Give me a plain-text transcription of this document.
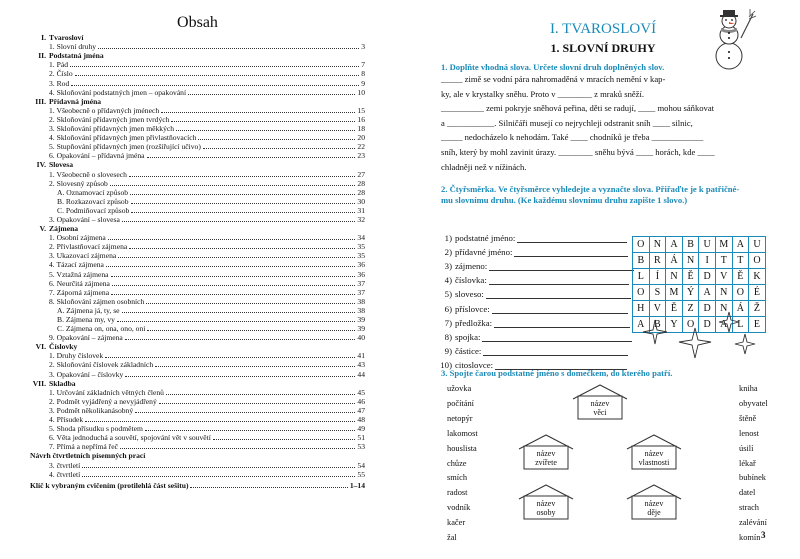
Obsah
I. Tvarosloví
1. Slovní druhy	3
II. Podstatná jména
1. Pád	7
2. Číslo	8
3. Rod	9
4. Skloňování podstatných jmen – opakování	10
III. Přídavná jména
1. Všeobecně o přídavných jménech	15
2. Skloňování přídavných jmen tvrdých	16
3. Skloňování přídavných jmen měkkých	18
4. Skloňování přídavných jmen přivlastňovacích	20
5. Stupňování přídavných jmen (rozšiřující učivo)	22
6. Opakování – přídavná jména	23
IV. Slovesa
1. Všeobecně o slovesech	27
2. Slovesný způsob	28
A. Oznamovací způsob	28
B. Rozkazovací způsob	30
C. Podmiňovací způsob	31
3. Opakování – slovesa	32
V. Zájmena
1. Osobní zájmena	34
2. Přivlastňovací zájmena	35
3. Ukazovací zájmena	35
4. Tázací zájmena	36
5. Vztažná zájmena	36
6. Neurčitá zájmena	37
7. Záporná zájmena	37
8. Skloňování zájmen osobních	38
A. Zájmena já, ty, se	38
B. Zájmena my, vy	39
C. Zájmena on, ona, ono, oni	39
9. Opakování – zájmena	40
VI. Číslovky
1. Druhy číslovek	41
2. Skloňování číslovek základních	43
3. Opakování – číslovky	44
VII. Skladba
1. Určování základních větných členů	45
2. Podmět vyjádřený a nevyjádřený	46
3. Podmět několikanásobný	47
4. Přísudek	48
5. Shoda přísudku s podmětem	49
6. Věta jednoduchá a souvětí, spojování vět v souvětí	51
7. Přímá a nepřímá řeč	53
Návrh čtvrtletních písemných prací
3. čtvrtletí	54
4. čtvrtletí	55
Klíč k vybraným cvičením (protilehlá část sešitu)	1–14
I. TVAROSLOVÍ
1. SLOVNÍ DRUHY
1. Doplňte vhodná slova. Určete slovní druh doplněných slov.
_____ zimě se vodní pára nahromaděná v mracích nemění v kap-
ky, ale v krystalky sněhu. Proto v ________ z mraků sněží.
__________ zemi pokryje sněhová peřina, děti se radují, ____ mohou sáňkovat
a ___________. Silničáři musejí co nejrychleji odstranit sníh ____ silnic,
_____ nedocházelo k nehodám. Také ____ chodníků je třeba ____________
sníh, který by mohl zavinit úrazy. ________ sněhu bývá ____ horách, kde ____
chladněji než v nížinách.
2. Čtyřsměrka. Ve čtyřsměrce vyhledejte a vyznačte slova. Přiřaďte je k patřičné-
mu slovnímu druhu. (Ke každému slovnímu druhu zapište 1 slovo.)
1) podstatné jméno:
2) přídavné jméno:
3) zájmeno:
4) číslovka:
5) sloveso:
6) příslovce:
7) předložka:
8) spojka:
9) částice:
10) citoslovce:
O	N	A	B	U	M	A	U
B	R	Á	N	I	T	T	O
L	Í	N	Ě	D	V	Ě	K
O	S	M	Ý	A	N	O	É
H	V	Ě	Z	D	N	Á	Ž
A	B	Y	O	D	A	L	E
3. Spojte čarou podstatné jméno s domečkem, do kterého patří.
užovka
počítání
netopýr
lakomost
houslista
chůze
smích
radost
vodník
kačer
žal
kniha
obyvatel
štěně
lenost
úsilí
lékař
bubínek
datel
strach
zalévání
komín
název
věci
název
zvířete
název
vlastnosti
název
osoby
název
děje
3
